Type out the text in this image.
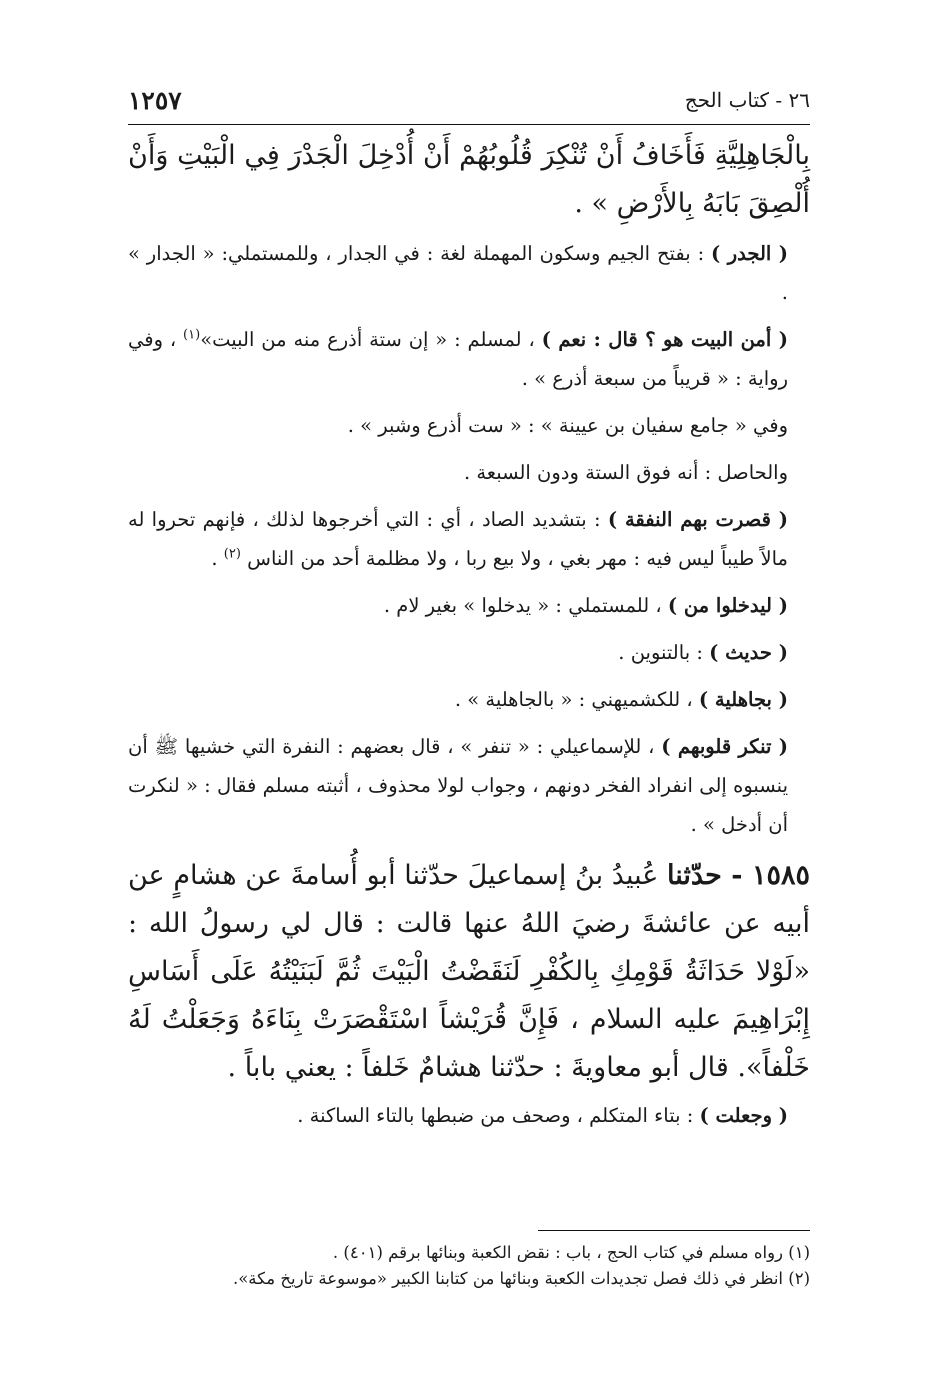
٢٦ - كتاب الحج
١٢٥٧

بِالْجَاهِلِيَّةِ فَأَخَافُ أَنْ تُنْكِرَ قُلُوبُهُمْ أَنْ أُدْخِلَ الْجَدْرَ فِي الْبَيْتِ وَأَنْ أُلْصِقَ بَابَهُ بِالأَرْضِ » .

( الجدر ) : بفتح الجيم وسكون المهملة لغة : في الجدار ، وللمستملي: « الجدار » .

( أمن البيت هو ؟ قال : نعم ) ، لمسلم : « إن ستة أذرع منه من البيت»$^{(١)}$ ، وفي رواية : « قريباً من سبعة أذرع » .

وفي « جامع سفيان بن عيينة » : « ست أذرع وشبر » .

والحاصل : أنه فوق الستة ودون السبعة .

( قصرت بهم النفقة ) : بتشديد الصاد ، أي : التي أخرجوها لذلك ، فإنهم تحروا له مالاً طيباً ليس فيه : مهر بغي ، ولا بيع ربا ، ولا مظلمة أحد من الناس $^{(٢)}$ .

( ليدخلوا من ) ، للمستملي : « يدخلوا » بغير لام .

( حديث ) : بالتنوين .

( بجاهلية ) ، للكشميهني : « بالجاهلية » .

( تنكر قلوبهم ) ، للإسماعيلي : « تنفر » ، قال بعضهم : النفرة التي خشيها ﷺ أن ينسبوه إلى انفراد الفخر دونهم ، وجواب لولا محذوف ، أثبته مسلم فقال : « لنكرت أن أدخل » .

١٥٨٥ - حدّثنا عُبيدُ بنُ إسماعيلَ حدّثنا أبو أُسامةَ عن هشامٍ عن أبيه عن عائشةَ رضيَ اللهُ عنها قالت : قال لي رسولُ الله : «لَوْلا حَدَاثَةُ قَوْمِكِ بِالكُفْرِ لَنَقَضْتُ الْبَيْتَ ثُمَّ لَبَنَيْتُهُ عَلَى أَسَاسِ إِبْرَاهِيمَ عليه السلام ، فَإِنَّ قُرَيْشاً اسْتَقْصَرَتْ بِنَاءَهُ وَجَعَلْتُ لَهُ خَلْفاً». قال أبو معاويةَ : حدّثنا هشامٌ خَلفاً : يعني باباً .

( وجعلت ) : بتاء المتكلم ، وصحف من ضبطها بالتاء الساكنة .

(١) رواه مسلم في كتاب الحج ، باب : نقض الكعبة وبنائها برقم (٤٠١) .

(٢) انظر في ذلك فصل تجديدات الكعبة وبنائها من كتابنا الكبير «موسوعة تاريخ مكة».
